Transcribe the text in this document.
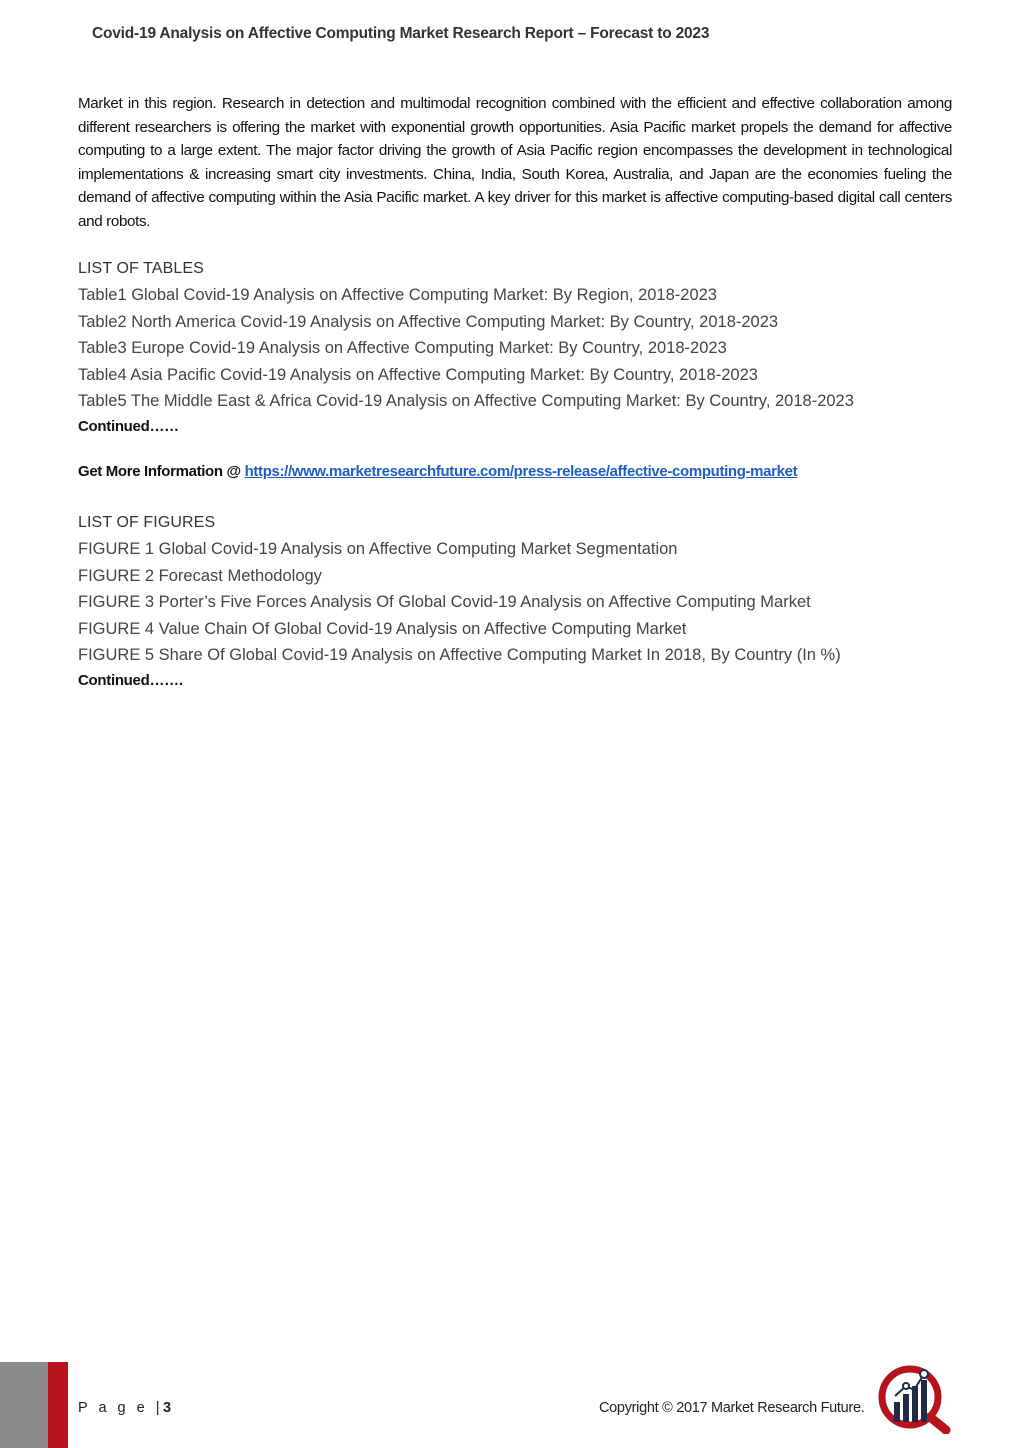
Covid-19 Analysis on Affective Computing Market Research Report – Forecast to 2023
Market in this region. Research in detection and multimodal recognition combined with the efficient and effective collaboration among different researchers is offering the market with exponential growth opportunities. Asia Pacific market propels the demand for affective computing to a large extent. The major factor driving the growth of Asia Pacific region encompasses the development in technological implementations & increasing smart city investments. China, India, South Korea, Australia, and Japan are the economies fueling the demand of affective computing within the Asia Pacific market. A key driver for this market is affective computing-based digital call centers and robots.
LIST OF TABLES
Table1 Global Covid-19 Analysis on Affective Computing Market: By Region, 2018-2023
Table2 North America Covid-19 Analysis on Affective Computing Market: By Country, 2018-2023
Table3 Europe Covid-19 Analysis on Affective Computing Market: By Country, 2018-2023
Table4 Asia Pacific Covid-19 Analysis on Affective Computing Market: By Country, 2018-2023
Table5 The Middle East & Africa Covid-19 Analysis on Affective Computing Market: By Country, 2018-2023
Continued……
Get More Information @ https://www.marketresearchfuture.com/press-release/affective-computing-market
LIST OF FIGURES
FIGURE 1 Global Covid-19 Analysis on Affective Computing Market Segmentation
FIGURE 2 Forecast Methodology
FIGURE 3 Porter’s Five Forces Analysis Of Global Covid-19 Analysis on Affective Computing Market
FIGURE 4 Value Chain Of Global Covid-19 Analysis on Affective Computing Market
FIGURE 5 Share Of Global Covid-19 Analysis on Affective Computing Market In 2018, By Country (In %)
Continued…….
P a g e |3	Copyright © 2017 Market Research Future.
